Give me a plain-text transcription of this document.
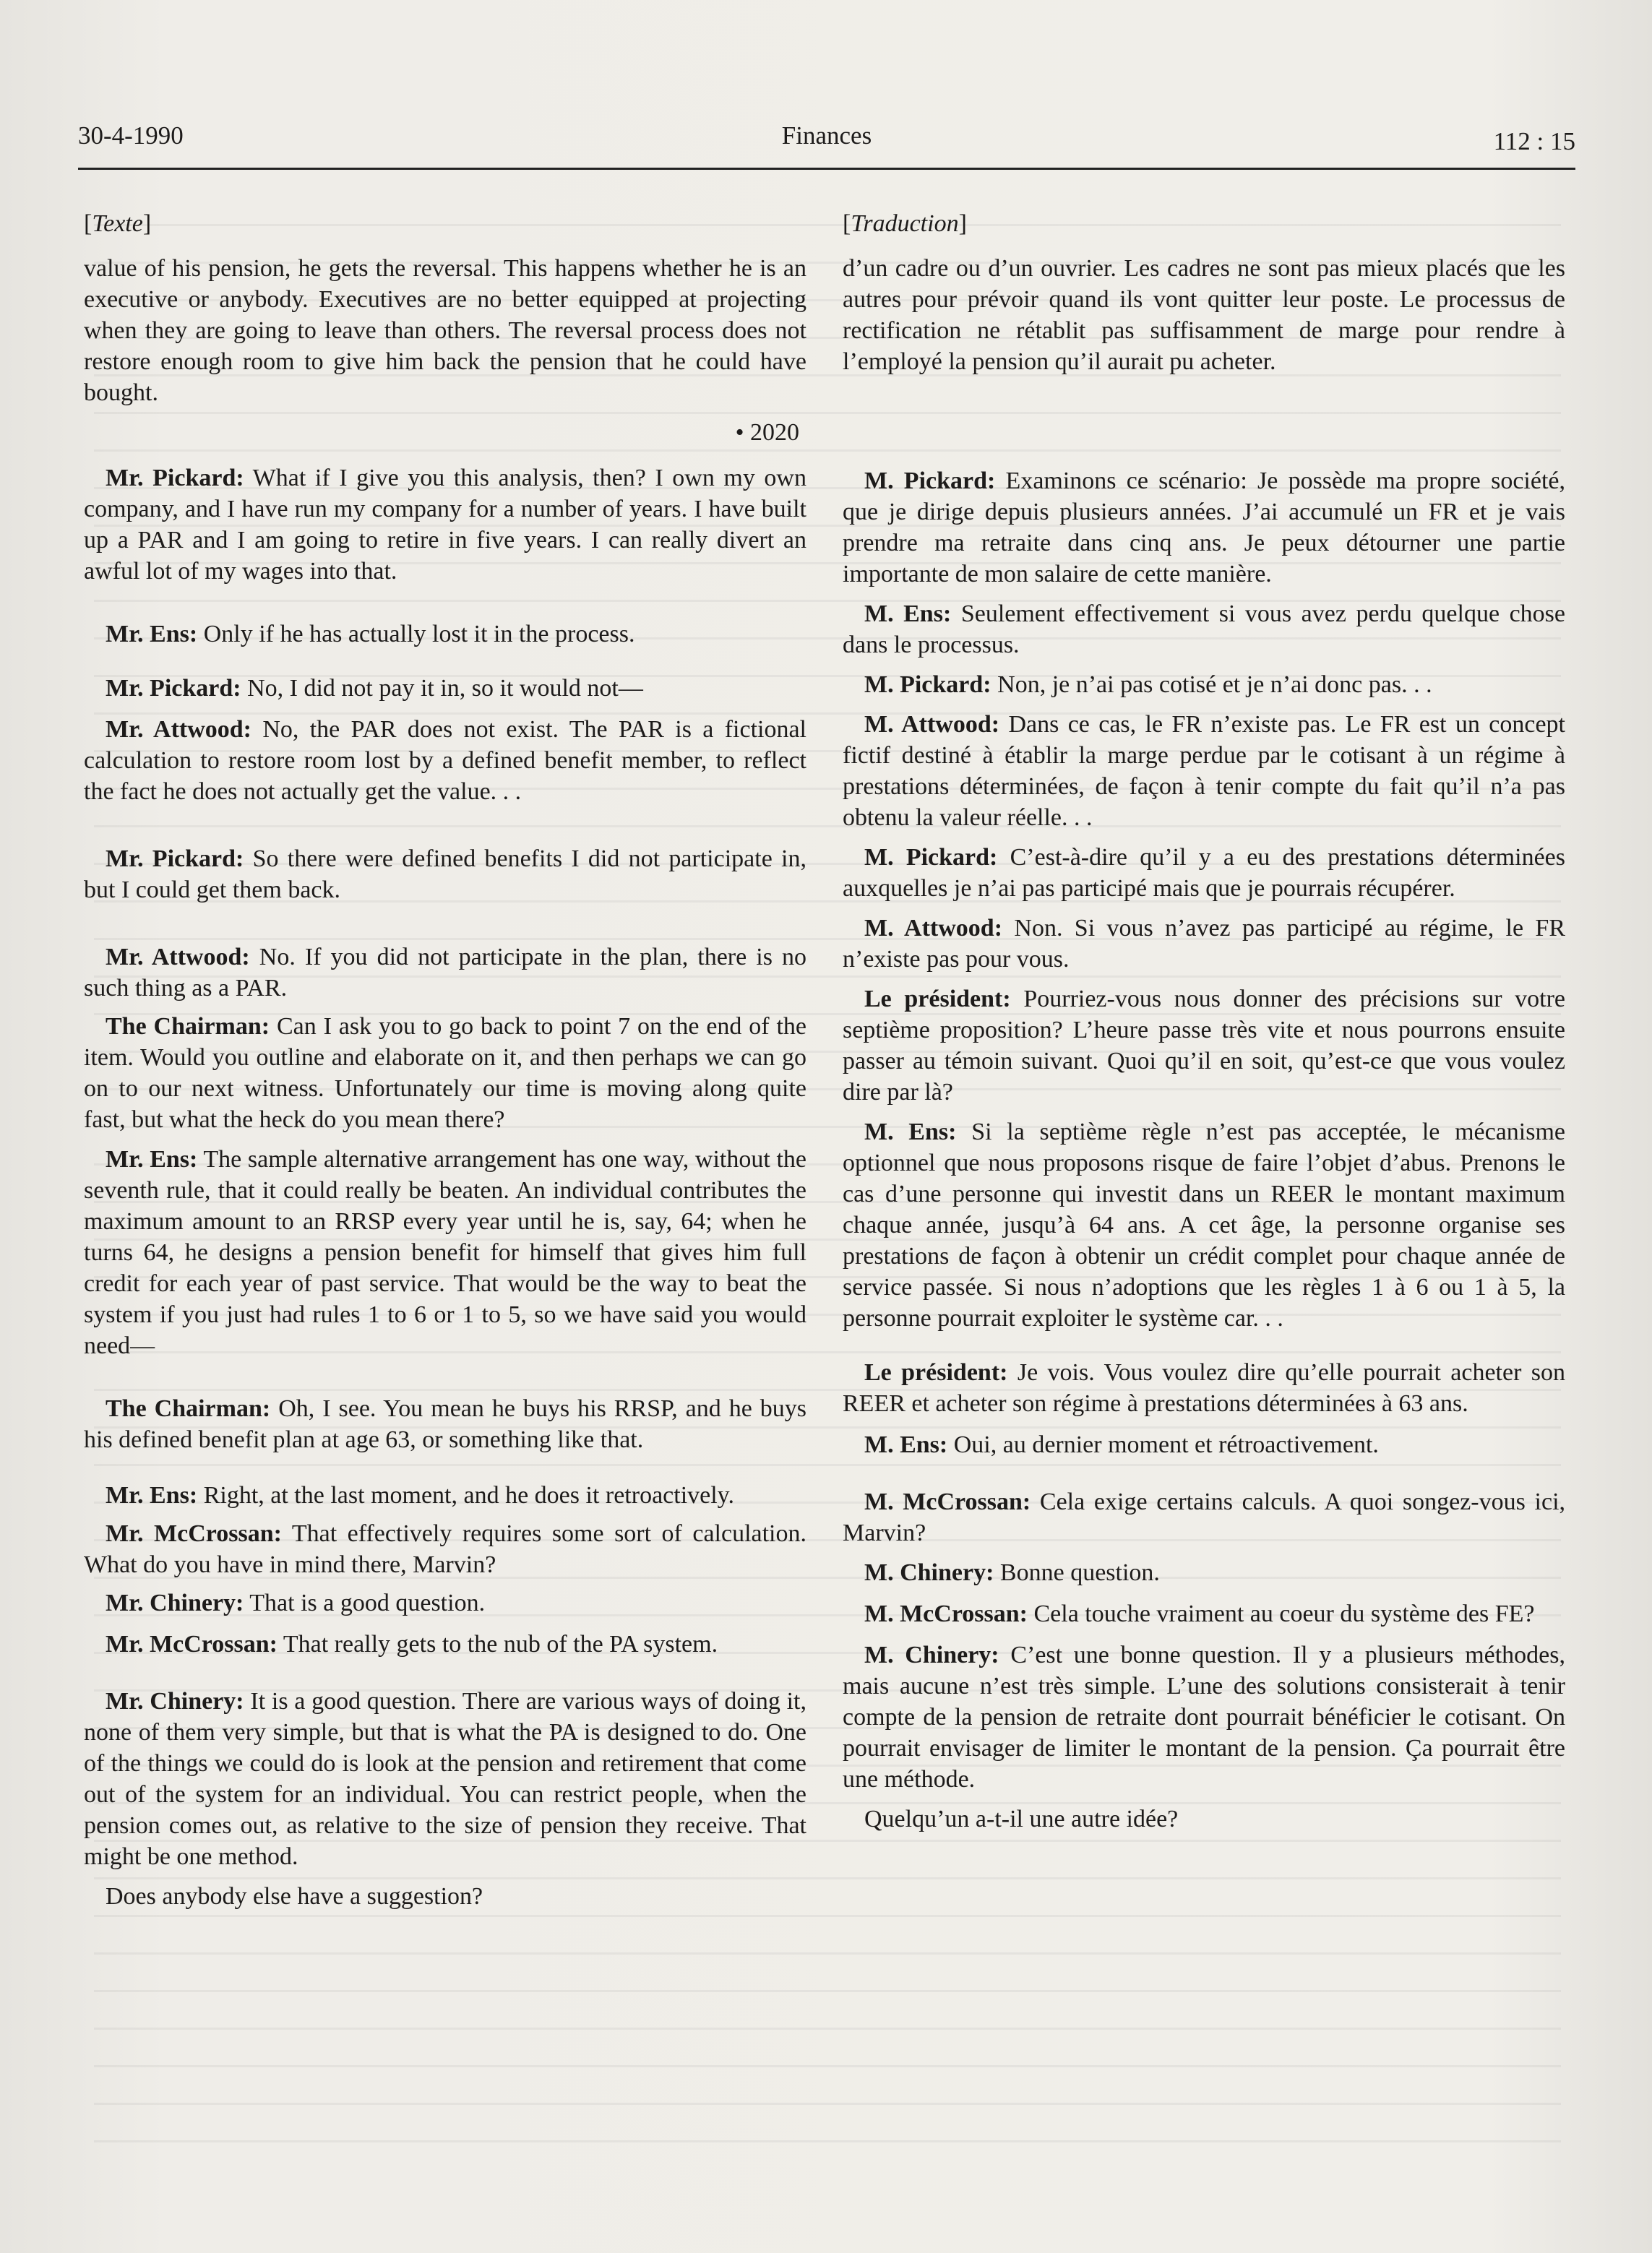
30-4-1990	Finances	112 : 15
[Texte]

value of his pension, he gets the reversal. This happens whether he is an executive or anybody. Executives are no better equipped at projecting when they are going to leave than others. The reversal process does not restore enough room to give him back the pension that he could have bought.

• 2020

Mr. Pickard: What if I give you this analysis, then? I own my own company, and I have run my company for a number of years. I have built up a PAR and I am going to retire in five years. I can really divert an awful lot of my wages into that.

Mr. Ens: Only if he has actually lost it in the process.

Mr. Pickard: No, I did not pay it in, so it would not—

Mr. Attwood: No, the PAR does not exist. The PAR is a fictional calculation to restore room lost by a defined benefit member, to reflect the fact he does not actually get the value. . .

Mr. Pickard: So there were defined benefits I did not participate in, but I could get them back.

Mr. Attwood: No. If you did not participate in the plan, there is no such thing as a PAR.

The Chairman: Can I ask you to go back to point 7 on the end of the item. Would you outline and elaborate on it, and then perhaps we can go on to our next witness. Unfortunately our time is moving along quite fast, but what the heck do you mean there?

Mr. Ens: The sample alternative arrangement has one way, without the seventh rule, that it could really be beaten. An individual contributes the maximum amount to an RRSP every year until he is, say, 64; when he turns 64, he designs a pension benefit for himself that gives him full credit for each year of past service. That would be the way to beat the system if you just had rules 1 to 6 or 1 to 5, so we have said you would need—

The Chairman: Oh, I see. You mean he buys his RRSP, and he buys his defined benefit plan at age 63, or something like that.

Mr. Ens: Right, at the last moment, and he does it retroactively.

Mr. McCrossan: That effectively requires some sort of calculation. What do you have in mind there, Marvin?

Mr. Chinery: That is a good question.

Mr. McCrossan: That really gets to the nub of the PA system.

Mr. Chinery: It is a good question. There are various ways of doing it, none of them very simple, but that is what the PA is designed to do. One of the things we could do is look at the pension and retirement that come out of the system for an individual. You can restrict people, when the pension comes out, as relative to the size of pension they receive. That might be one method.

Does anybody else have a suggestion?

[Traduction]

d’un cadre ou d’un ouvrier. Les cadres ne sont pas mieux placés que les autres pour prévoir quand ils vont quitter leur poste. Le processus de rectification ne rétablit pas suffisamment de marge pour rendre à l’employé la pension qu’il aurait pu acheter.

M. Pickard: Examinons ce scénario: Je possède ma propre société, que je dirige depuis plusieurs années. J’ai accumulé un FR et je vais prendre ma retraite dans cinq ans. Je peux détourner une partie importante de mon salaire de cette manière.

M. Ens: Seulement effectivement si vous avez perdu quelque chose dans le processus.

M. Pickard: Non, je n’ai pas cotisé et je n’ai donc pas. . .

M. Attwood: Dans ce cas, le FR n’existe pas. Le FR est un concept fictif destiné à établir la marge perdue par le cotisant à un régime à prestations déterminées, de façon à tenir compte du fait qu’il n’a pas obtenu la valeur réelle. . .

M. Pickard: C’est-à-dire qu’il y a eu des prestations déterminées auxquelles je n’ai pas participé mais que je pourrais récupérer.

M. Attwood: Non. Si vous n’avez pas participé au régime, le FR n’existe pas pour vous.

Le président: Pourriez-vous nous donner des précisions sur votre septième proposition? L’heure passe très vite et nous pourrons ensuite passer au témoin suivant. Quoi qu’il en soit, qu’est-ce que vous voulez dire par là?

M. Ens: Si la septième règle n’est pas acceptée, le mécanisme optionnel que nous proposons risque de faire l’objet d’abus. Prenons le cas d’une personne qui investit dans un REER le montant maximum chaque année, jusqu’à 64 ans. A cet âge, la personne organise ses prestations de façon à obtenir un crédit complet pour chaque année de service passée. Si nous n’adoptions que les règles 1 à 6 ou 1 à 5, la personne pourrait exploiter le système car. . .

Le président: Je vois. Vous voulez dire qu’elle pourrait acheter son REER et acheter son régime à prestations déterminées à 63 ans.

M. Ens: Oui, au dernier moment et rétroactivement.

M. McCrossan: Cela exige certains calculs. A quoi songez-vous ici, Marvin?

M. Chinery: Bonne question.

M. McCrossan: Cela touche vraiment au coeur du système des FE?

M. Chinery: C’est une bonne question. Il y a plusieurs méthodes, mais aucune n’est très simple. L’une des solutions consisterait à tenir compte de la pension de retraite dont pourrait bénéficier le cotisant. On pourrait envisager de limiter le montant de la pension. Ça pourrait être une méthode.

Quelqu’un a-t-il une autre idée?
